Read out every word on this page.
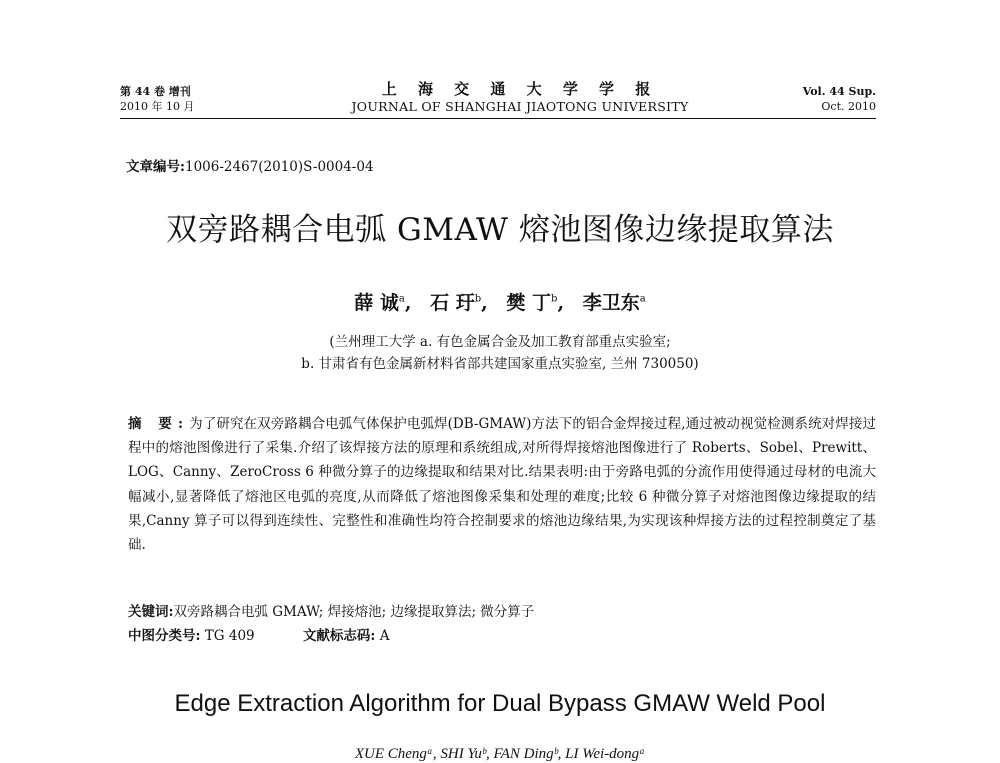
第 44 卷 增刊
2010 年 10 月
上 海 交 通 大 学 学 报
JOURNAL OF SHANGHAI JIAOTONG UNIVERSITY
Vol. 44 Sup.
Oct. 2010
文章编号:1006-2467(2010)S-0004-04
双旁路耦合电弧 GMAW 熔池图像边缘提取算法
薛 诚$^a$, 石 玗$^b$, 樊 丁$^b$, 李卫东$^a$
(兰州理工大学 a. 有色金属合金及加工教育部重点实验室;
b. 甘肃省有色金属新材料省部共建国家重点实验室, 兰州 730050)
摘 要:为了研究在双旁路耦合电弧气体保护电弧焊(DB-GMAW)方法下的铝合金焊接过程,通过被动视觉检测系统对焊接过程中的熔池图像进行了采集.介绍了该焊接方法的原理和系统组成,对所得焊接熔池图像进行了 Roberts、Sobel、Prewitt、LOG、Canny、ZeroCross 6 种微分算子的边缘提取和结果对比.结果表明:由于旁路电弧的分流作用使得通过母材的电流大幅减小,显著降低了熔池区电弧的亮度,从而降低了熔池图像采集和处理的难度;比较 6 种微分算子对熔池图像边缘提取的结果,Canny 算子可以得到连续性、完整性和准确性均符合控制要求的熔池边缘结果,为实现该种焊接方法的过程控制奠定了基础.
关键词:双旁路耦合电弧 GMAW; 焊接熔池; 边缘提取算法; 微分算子
中图分类号: TG 409	文献标志码: A
Edge Extraction Algorithm for Dual Bypass GMAW Weld Pool
XUE Chengᵃ, SHI Yuᵇ, FAN Dingᵇ, LI Wei-dongᵃ
